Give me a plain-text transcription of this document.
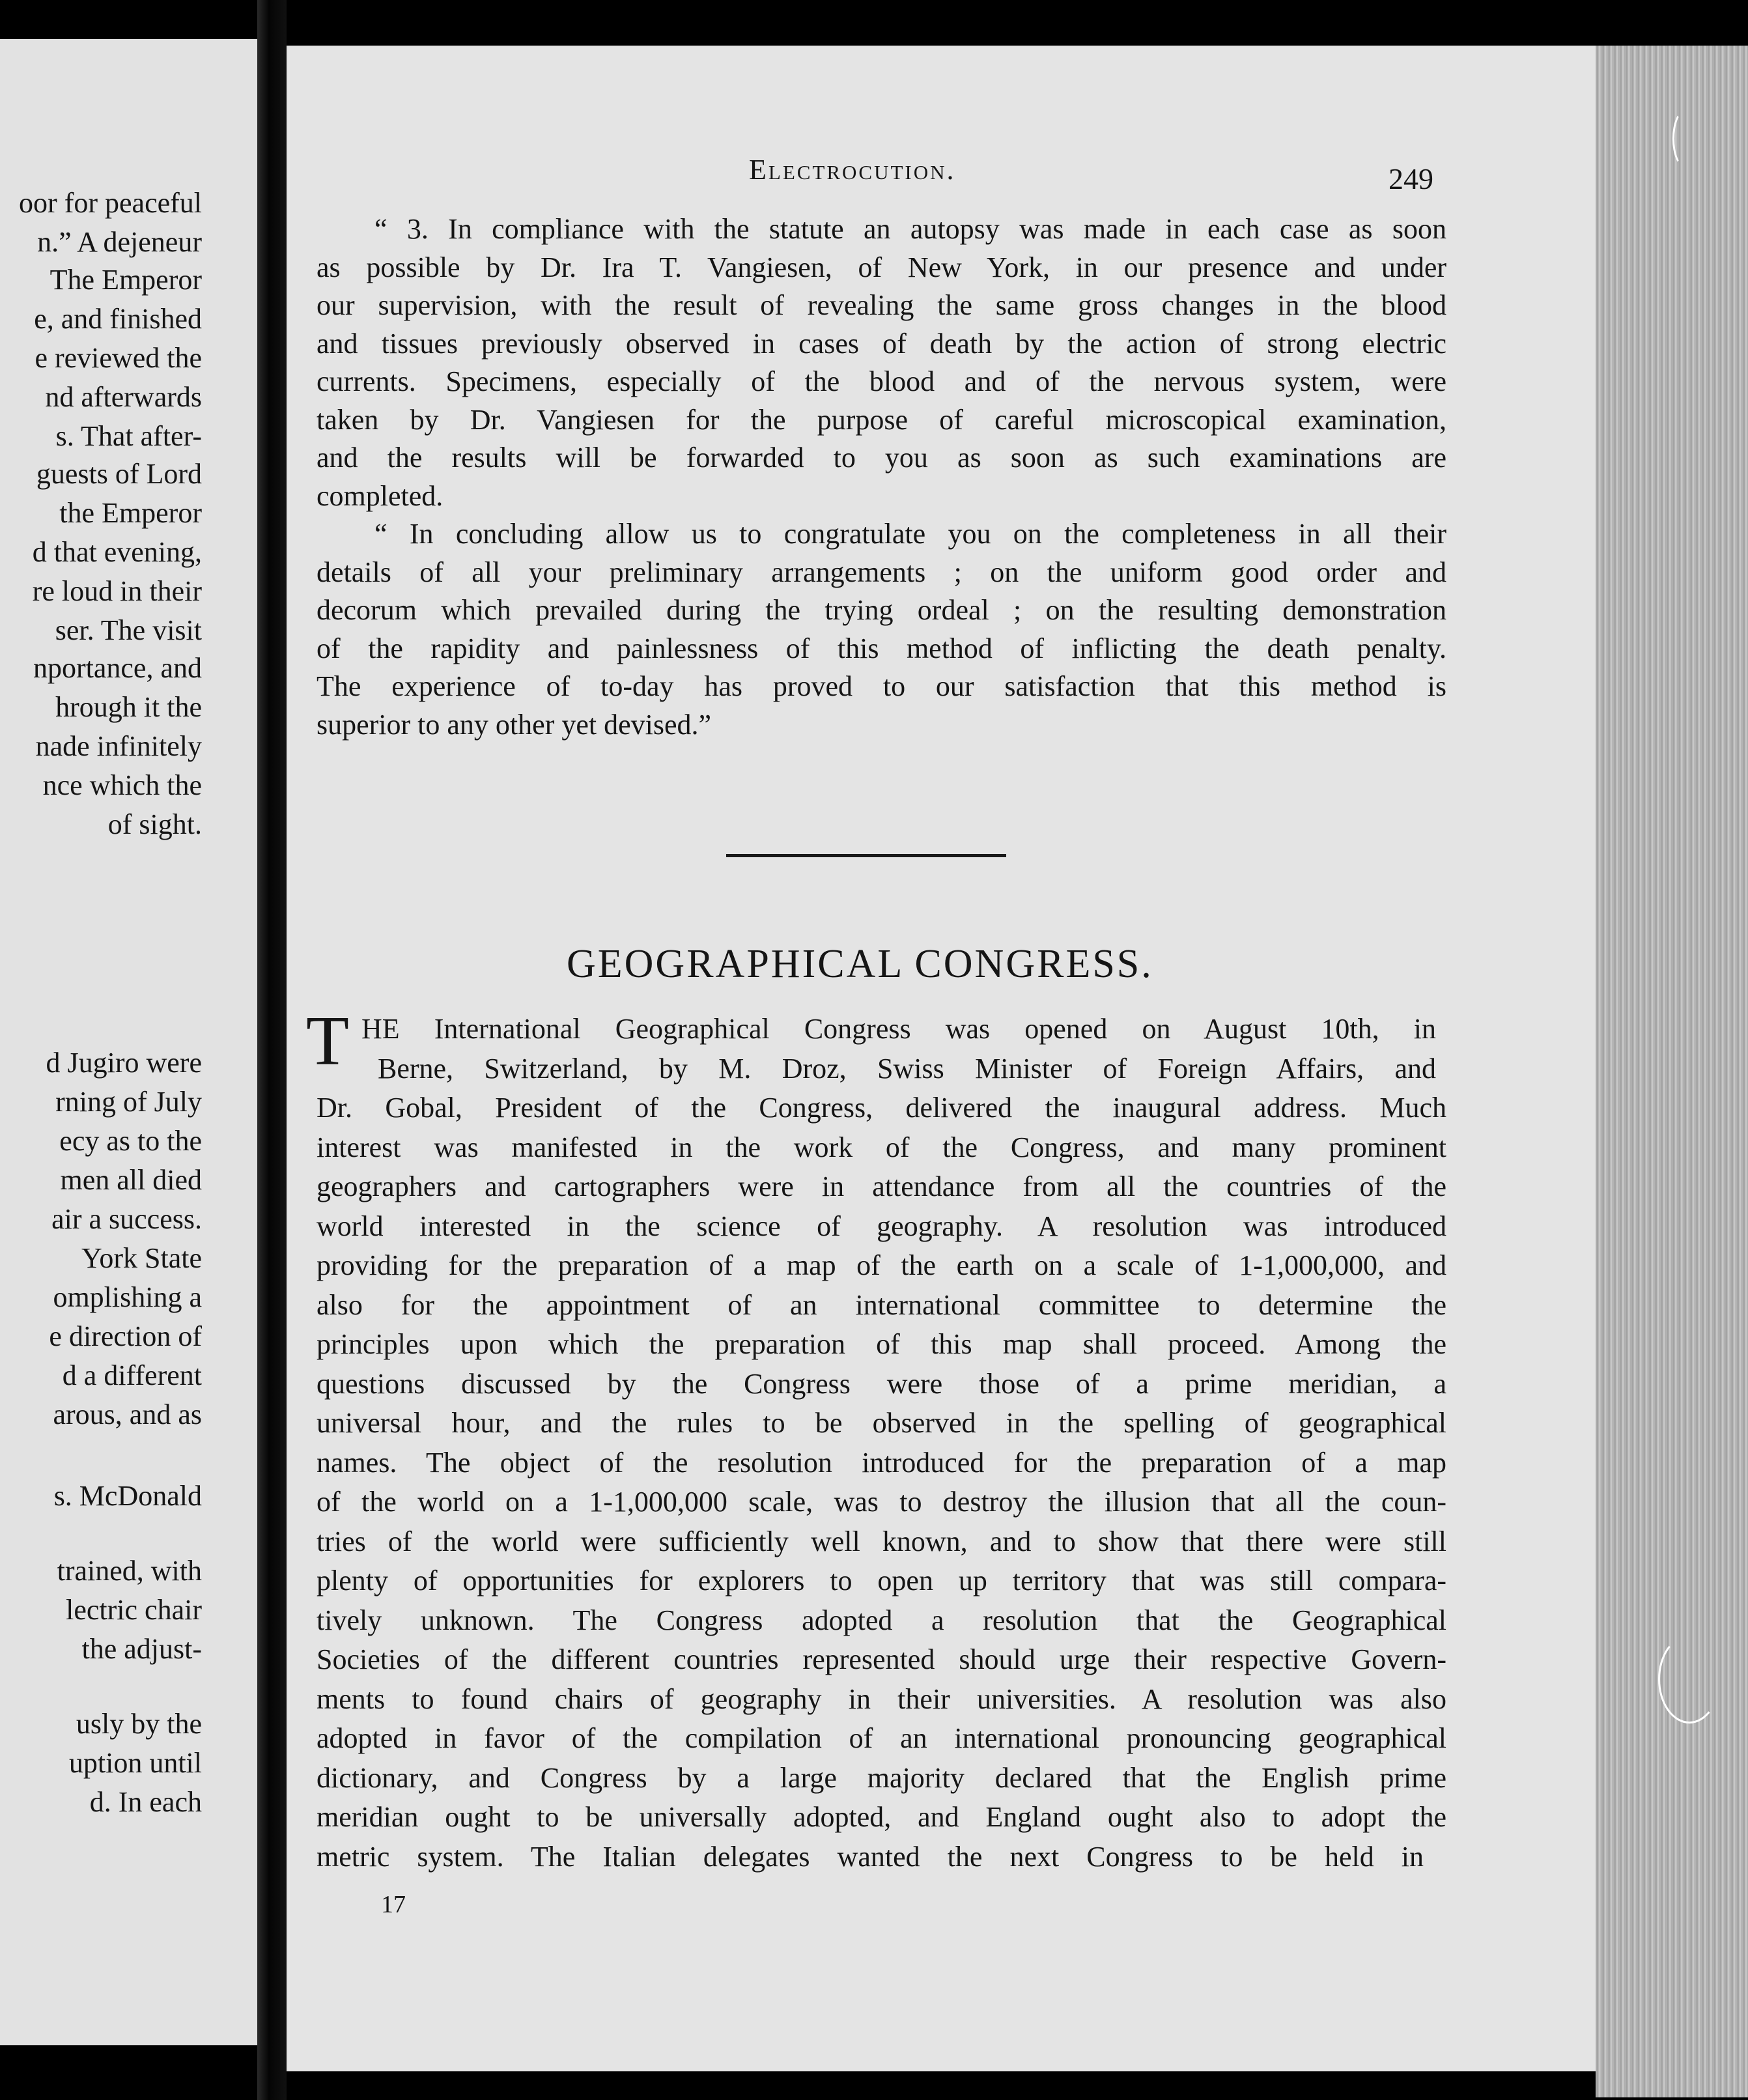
oor for peaceful
n.” A dejeneur
The Emperor
e, and finished
e reviewed the
nd afterwards
s. That after-
guests of Lord
the Emperor
d that evening,
re loud in their
ser. The visit
nportance, and
hrough it the
nade infinitely
nce which the
of sight.
d Jugiro were
rning of July
ecy as to the
men all died
air a success.
York State
omplishing a
e direction of
d a different
arous, and as
s. McDonald
trained, with
lectric chair
the adjust-
usly by the
uption until
d. In each
Electrocution.	249
“ 3. In compliance with the statute an autopsy was made in each case as soon
as possible by Dr. Ira T. Vangiesen, of New York, in our presence and under
our supervision, with the result of revealing the same gross changes in the blood
and tissues previously observed in cases of death by the action of strong electric
currents. Specimens, especially of the blood and of the nervous system, were
taken by Dr. Vangiesen for the purpose of careful microscopical examination,
and the results will be forwarded to you as soon as such examinations are
completed.
“ In concluding allow us to congratulate you on the completeness in all their
details of all your preliminary arrangements ; on the uniform good order and
decorum which prevailed during the trying ordeal ; on the resulting demonstration
of the rapidity and painlessness of this method of inflicting the death penalty.
The experience of to-day has proved to our satisfaction that this method is
superior to any other yet devised.”
GEOGRAPHICAL CONGRESS.
T HE International Geographical Congress was opened on August 10th, in
Berne, Switzerland, by M. Droz, Swiss Minister of Foreign Affairs, and
Dr. Gobal, President of the Congress, delivered the inaugural address. Much
interest was manifested in the work of the Congress, and many prominent
geographers and cartographers were in attendance from all the countries of the
world interested in the science of geography. A resolution was introduced
providing for the preparation of a map of the earth on a scale of 1-1,000,000, and
also for the appointment of an international committee to determine the
principles upon which the preparation of this map shall proceed. Among the
questions discussed by the Congress were those of a prime meridian, a
universal hour, and the rules to be observed in the spelling of geographical
names. The object of the resolution introduced for the preparation of a map
of the world on a 1-1,000,000 scale, was to destroy the illusion that all the coun-
tries of the world were sufficiently well known, and to show that there were still
plenty of opportunities for explorers to open up territory that was still compara-
tively unknown. The Congress adopted a resolution that the Geographical
Societies of the different countries represented should urge their respective Govern-
ments to found chairs of geography in their universities. A resolution was also
adopted in favor of the compilation of an international pronouncing geographical
dictionary, and Congress by a large majority declared that the English prime
meridian ought to be universally adopted, and England ought also to adopt the
metric system. The Italian delegates wanted the next Congress to be held in
17
